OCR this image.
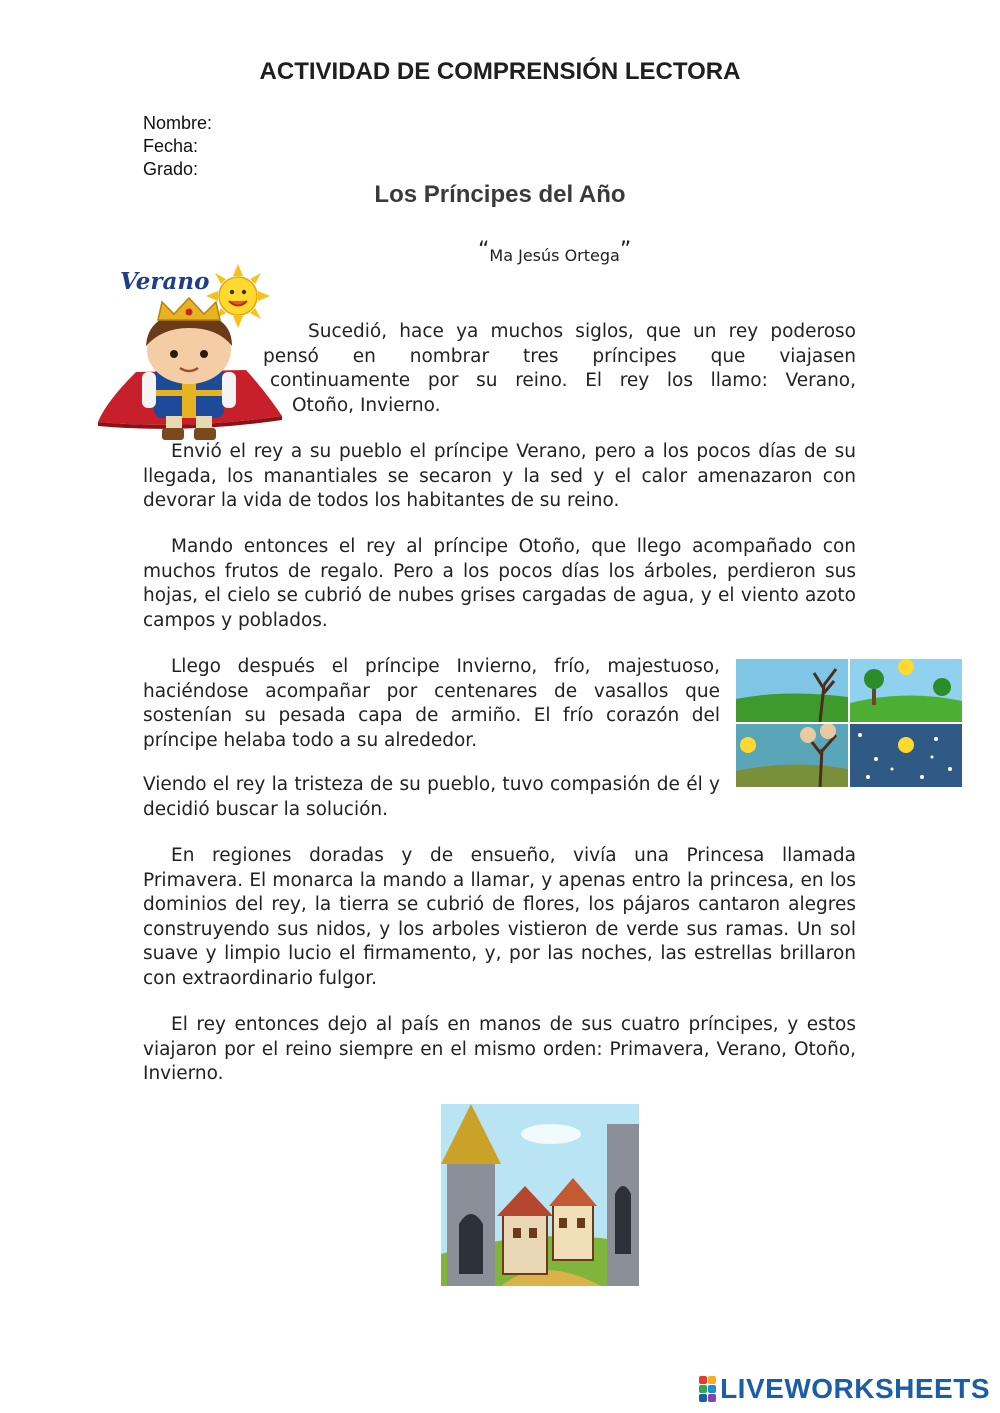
ACTIVIDAD DE COMPRENSIÓN LECTORA
Nombre:
Fecha:
Grado:
Los Príncipes del Año
“Ma Jesús Ortega”
Verano
Sucedió, hace ya muchos siglos, que un rey poderoso
pensó en nombrar tres príncipes que viajasen
continuamente por su reino. El rey los llamo: Verano,
Otoño, Invierno.
Envió el rey a su pueblo el príncipe Verano, pero a los pocos días de su llegada, los manantiales se secaron y la sed y el calor amenazaron con devorar la vida de todos los habitantes de su reino.
Mando entonces el rey al príncipe Otoño, que llego acompañado con muchos frutos de regalo. Pero a los pocos días los árboles, perdieron sus hojas, el cielo se cubrió de nubes grises cargadas de agua, y el viento azoto campos y poblados.
Llego después el príncipe Invierno, frío, majestuoso, haciéndose acompañar por centenares de vasallos que sostenían su pesada capa de armiño. El frío corazón del príncipe helaba todo a su alrededor.
Viendo el rey la tristeza de su pueblo, tuvo compasión de él y decidió buscar la solución.
En regiones doradas y de ensueño, vivía una Princesa llamada Primavera. El monarca la mando a llamar, y apenas entro la princesa, en los dominios del rey, la tierra se cubrió de flores, los pájaros cantaron alegres construyendo sus nidos, y los arboles vistieron de verde sus ramas. Un sol suave y limpio lucio el firmamento, y, por las noches, las estrellas brillaron con extraordinario fulgor.
El rey entonces dejo al país en manos de sus cuatro príncipes, y estos viajaron por el reino siempre en el mismo orden: Primavera, Verano, Otoño, Invierno.
LIVEWORKSHEETS
